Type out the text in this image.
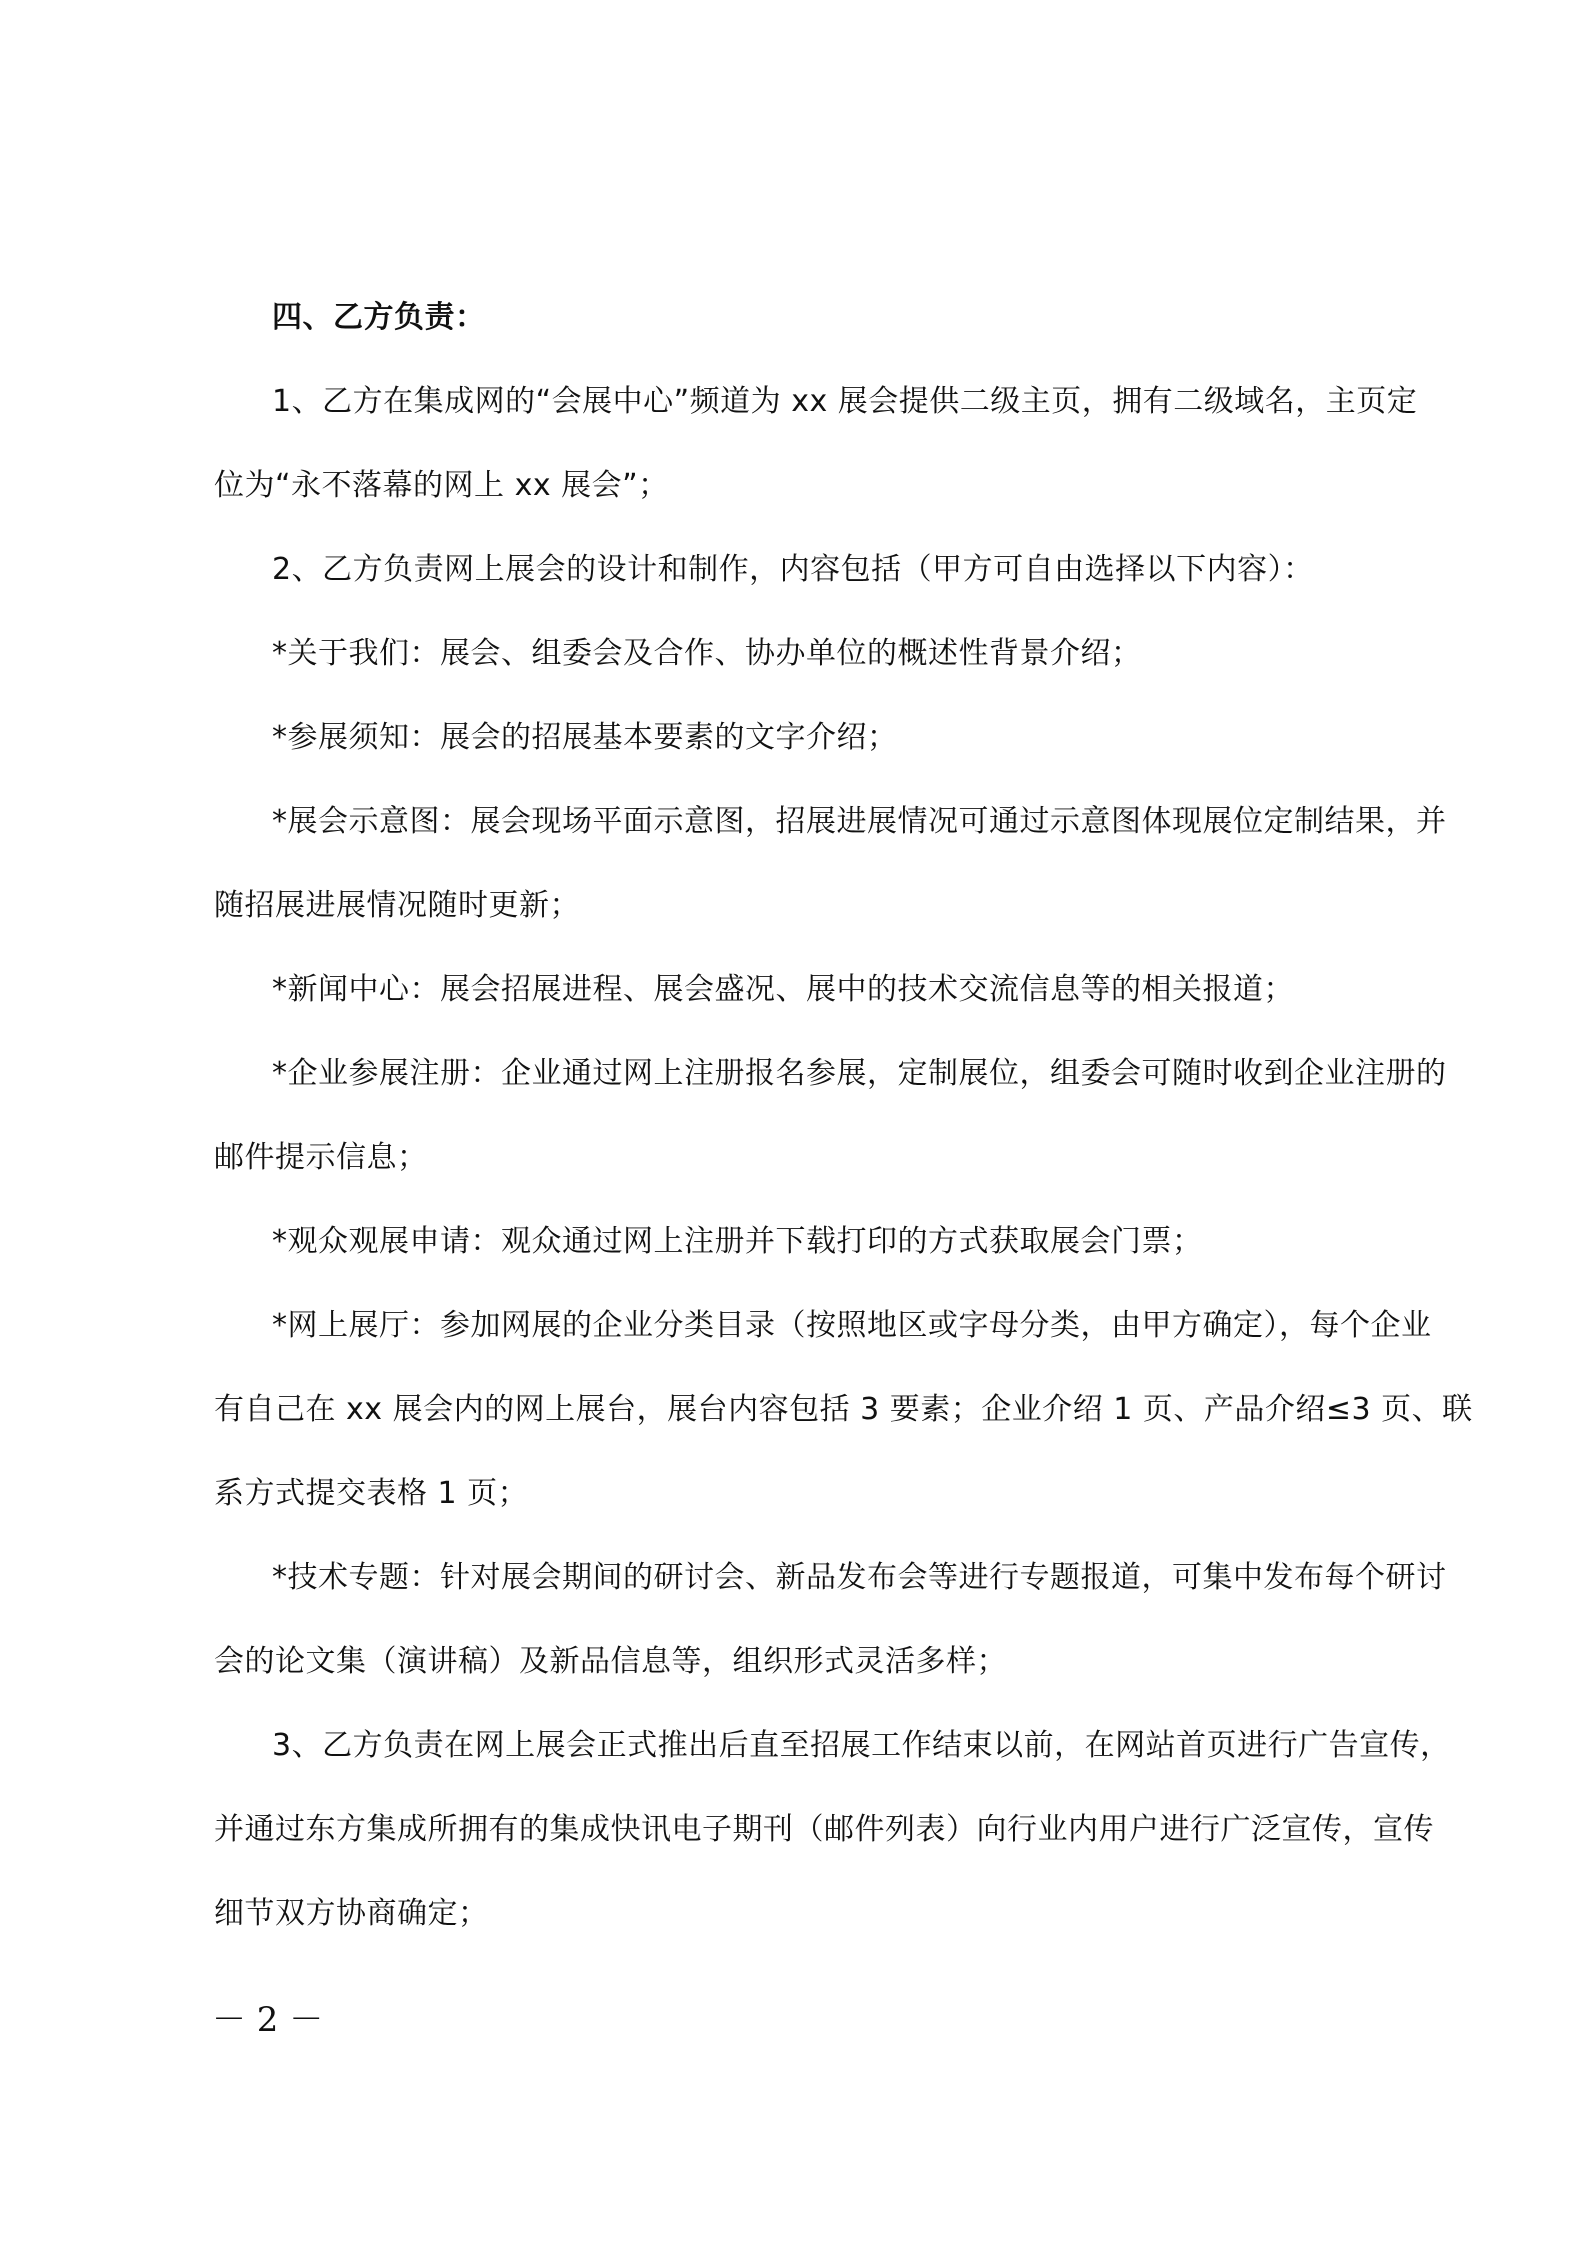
四、乙方负责：
1、乙方在集成网的“会展中心”频道为 xx 展会提供二级主页，拥有二级域名，主页定
位为“永不落幕的网上 xx 展会”；
2、乙方负责网上展会的设计和制作，内容包括（甲方可自由选择以下内容）：
*关于我们：展会、组委会及合作、协办单位的概述性背景介绍；
*参展须知：展会的招展基本要素的文字介绍；
*展会示意图：展会现场平面示意图，招展进展情况可通过示意图体现展位定制结果，并
随招展进展情况随时更新；
*新闻中心：展会招展进程、展会盛况、展中的技术交流信息等的相关报道；
*企业参展注册：企业通过网上注册报名参展，定制展位，组委会可随时收到企业注册的
邮件提示信息；
*观众观展申请：观众通过网上注册并下载打印的方式获取展会门票；
*网上展厅：参加网展的企业分类目录（按照地区或字母分类，由甲方确定），每个企业
有自己在 xx 展会内的网上展台，展台内容包括 3 要素；企业介绍 1 页、产品介绍≤3 页、联
系方式提交表格 1 页；
*技术专题：针对展会期间的研讨会、新品发布会等进行专题报道，可集中发布每个研讨
会的论文集（演讲稿）及新品信息等，组织形式灵活多样；
3、乙方负责在网上展会正式推出后直至招展工作结束以前，在网站首页进行广告宣传，
并通过东方集成所拥有的集成快讯电子期刊（邮件列表）向行业内用户进行广泛宣传，宣传
细节双方协商确定；
－ 2 －
